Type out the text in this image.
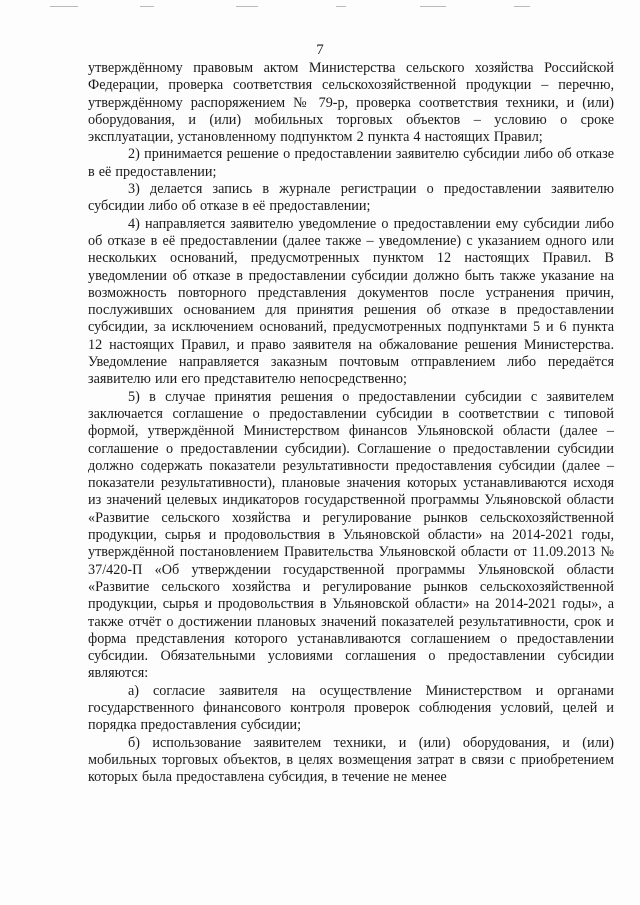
7

утверждённому правовым актом Министерства сельского хозяйства Российской Федерации, проверка соответствия сельскохозяйственной продукции – перечню, утверждённому распоряжением № 79-р, проверка соответствия техники, и (или) оборудования, и (или) мобильных торговых объектов – условию о сроке эксплуатации, установленному подпунктом 2 пункта 4 настоящих Правил;

2) принимается решение о предоставлении заявителю субсидии либо об отказе в её предоставлении;

3) делается запись в журнале регистрации о предоставлении заявителю субсидии либо об отказе в её предоставлении;

4) направляется заявителю уведомление о предоставлении ему субсидии либо об отказе в её предоставлении (далее также – уведомление) с указанием одного или нескольких оснований, предусмотренных пунктом 12 настоящих Правил. В уведомлении об отказе в предоставлении субсидии должно быть также указание на возможность повторного представления документов после устранения причин, послуживших основанием для принятия решения об отказе в предоставлении субсидии, за исключением оснований, предусмотренных подпунктами 5 и 6 пункта 12 настоящих Правил, и право заявителя на обжалование решения Министерства. Уведомление направляется заказным почтовым отправлением либо передаётся заявителю или его представителю непосредственно;

5) в случае принятия решения о предоставлении субсидии с заявителем заключается соглашение о предоставлении субсидии в соответствии с типовой формой, утверждённой Министерством финансов Ульяновской области (далее – соглашение о предоставлении субсидии). Соглашение о предоставлении субсидии должно содержать показатели результативности предоставления субсидии (далее – показатели результативности), плановые значения которых устанавливаются исходя из значений целевых индикаторов государственной программы Ульяновской области «Развитие сельского хозяйства и регулирование рынков сельскохозяйственной продукции, сырья и продовольствия в Ульяновской области» на 2014-2021 годы, утверждённой постановлением Правительства Ульяновской области от 11.09.2013 № 37/420-П «Об утверждении государственной программы Ульяновской области «Развитие сельского хозяйства и регулирование рынков сельскохозяйственной продукции, сырья и продовольствия в Ульяновской области» на 2014-2021 годы», а также отчёт о достижении плановых значений показателей результативности, срок и форма представления которого устанавливаются соглашением о предоставлении субсидии. Обязательными условиями соглашения о предоставлении субсидии являются:

а) согласие заявителя на осуществление Министерством и органами государственного финансового контроля проверок соблюдения условий, целей и порядка предоставления субсидии;

б) использование заявителем техники, и (или) оборудования, и (или) мобильных торговых объектов, в целях возмещения затрат в связи с приобретением которых была предоставлена субсидия, в течение не менее
